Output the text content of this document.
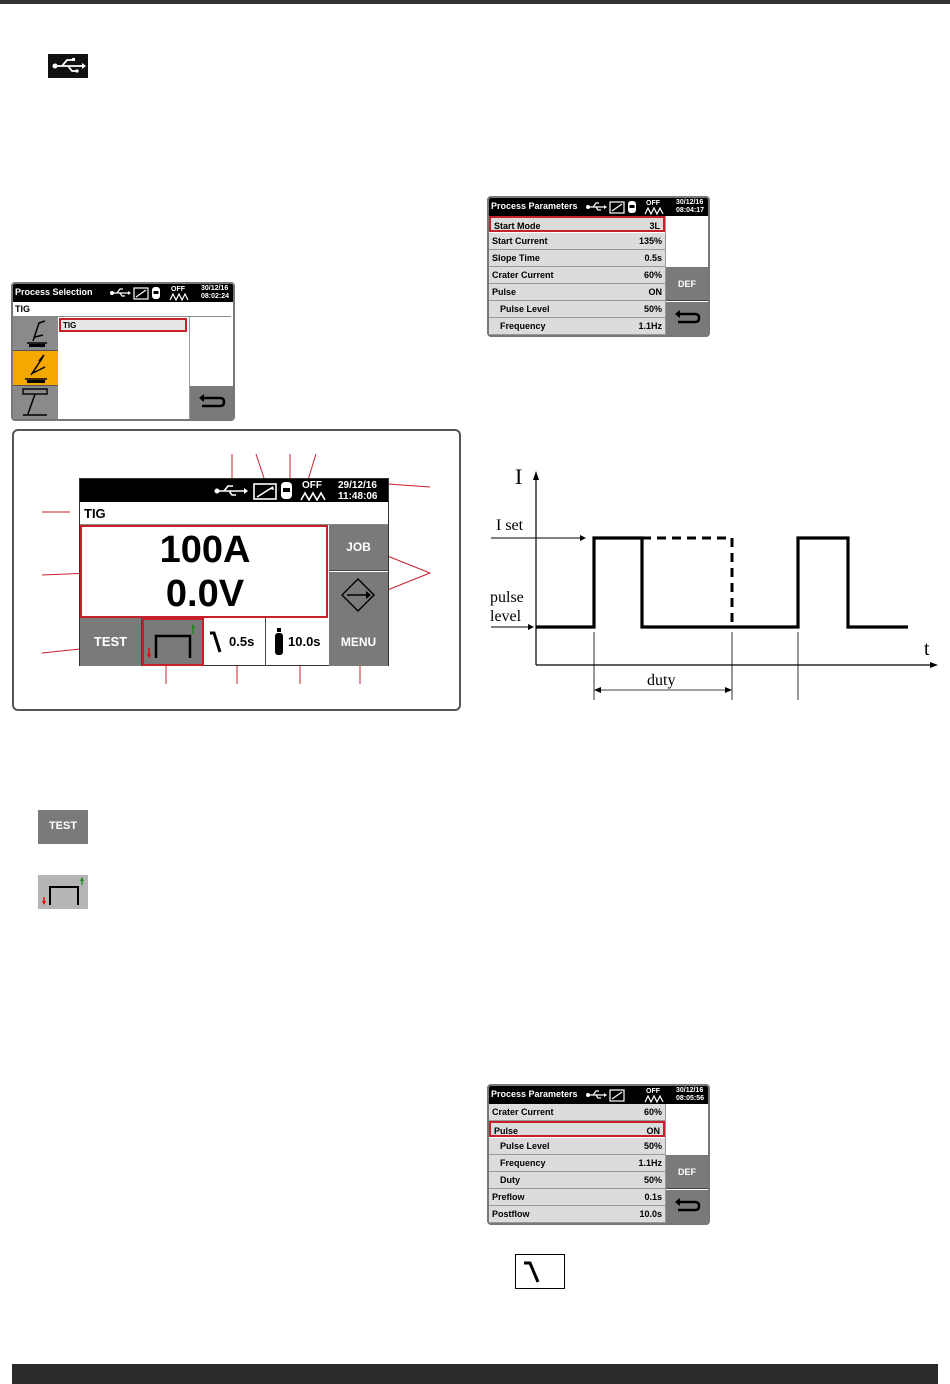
Process Selection	OFF 30/12/16
08:02:24
TIG
TIG
OFF 29/12/16
11:48:06
TIG
100A
0.0V
JOB
TEST	0.5s	10.0s	MENU
TEST
Process Parameters	OFF 30/12/16
08:04:17
Start Mode	3L
Start Current	135%
Slope Time	0.5s
Crater Current	60%
Pulse	ON
Pulse Level	50%
Frequency	1.1Hz
DEF
I
t
I set
pulse
level
duty
Process Parameters	OFF 30/12/16
08:05:56
Crater Current	60%
Pulse	ON
Pulse Level	50%
Frequency	1.1Hz
Duty	50%
Preflow	0.1s
Postflow	10.0s
DEF
